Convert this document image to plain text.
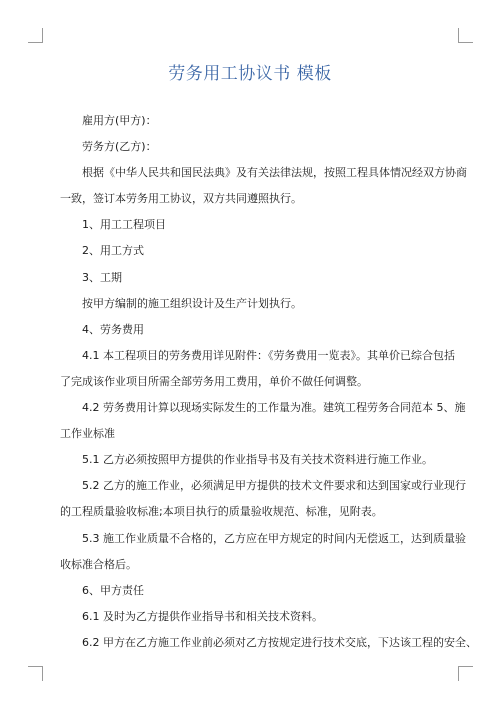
劳务用工协议书 模板

雇用方(甲方)：

劳务方(乙方)：

根据《中华人民共和国民法典》及有关法律法规，按照工程具体情况经双方协商

一致，签订本劳务用工协议，双方共同遵照执行。

1、用工工程项目

2、用工方式

3、工期

按甲方编制的施工组织设计及生产计划执行。

4、劳务费用

4.1 本工程项目的劳务费用详见附件：《劳务费用一览表》。其单价已综合包括

了完成该作业项目所需全部劳务用工费用，单价不做任何调整。

4.2 劳务费用计算以现场实际发生的工作量为准。建筑工程劳务合同范本 5、施

工作业标准

5.1 乙方必须按照甲方提供的作业指导书及有关技术资料进行施工作业。

5.2 乙方的施工作业，必须满足甲方提供的技术文件要求和达到国家或行业现行

的工程质量验收标准;本项目执行的质量验收规范、标准，见附表。

5.3 施工作业质量不合格的，乙方应在甲方规定的时间内无偿返工，达到质量验

收标准合格后。

6、甲方责任

6.1 及时为乙方提供作业指导书和相关技术资料。

6.2 甲方在乙方施工作业前必须对乙方按规定进行技术交底，下达该工程的安全、
